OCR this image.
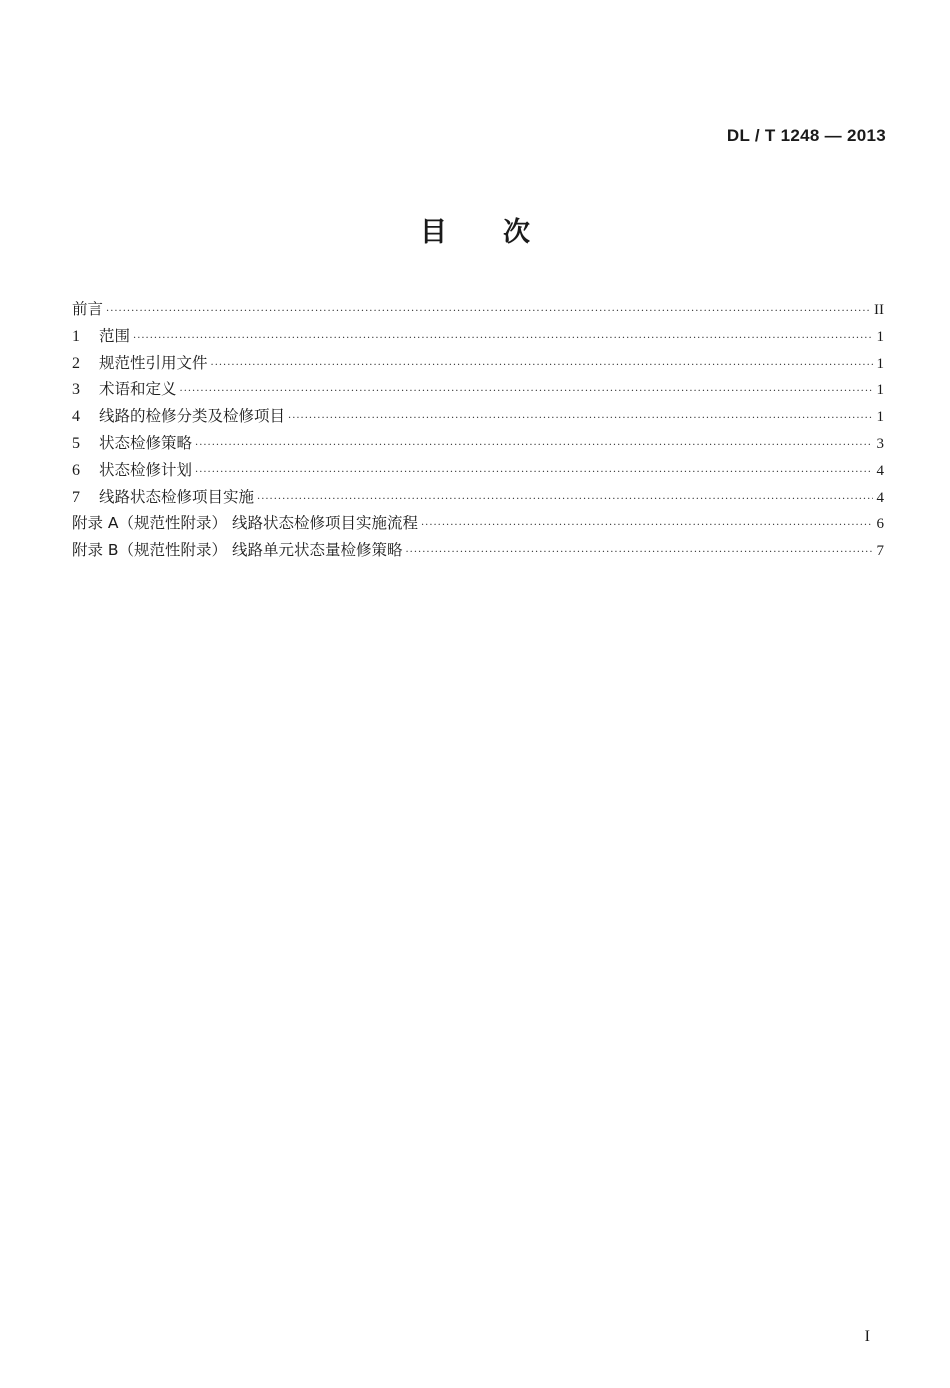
DL / T 1248 — 2013
目次
前言 ·····	II
1	范围 ·····	1
2	规范性引用文件 ·····	1
3	术语和定义 ·····	1
4	线路的检修分类及检修项目 ·····	1
5	状态检修策略 ·····	3
6	状态检修计划 ·····	4
7	线路状态检修项目实施 ·····	4
附录 A（规范性附录） 线路状态检修项目实施流程 ·····	6
附录 B（规范性附录） 线路单元状态量检修策略 ·····	7
I
